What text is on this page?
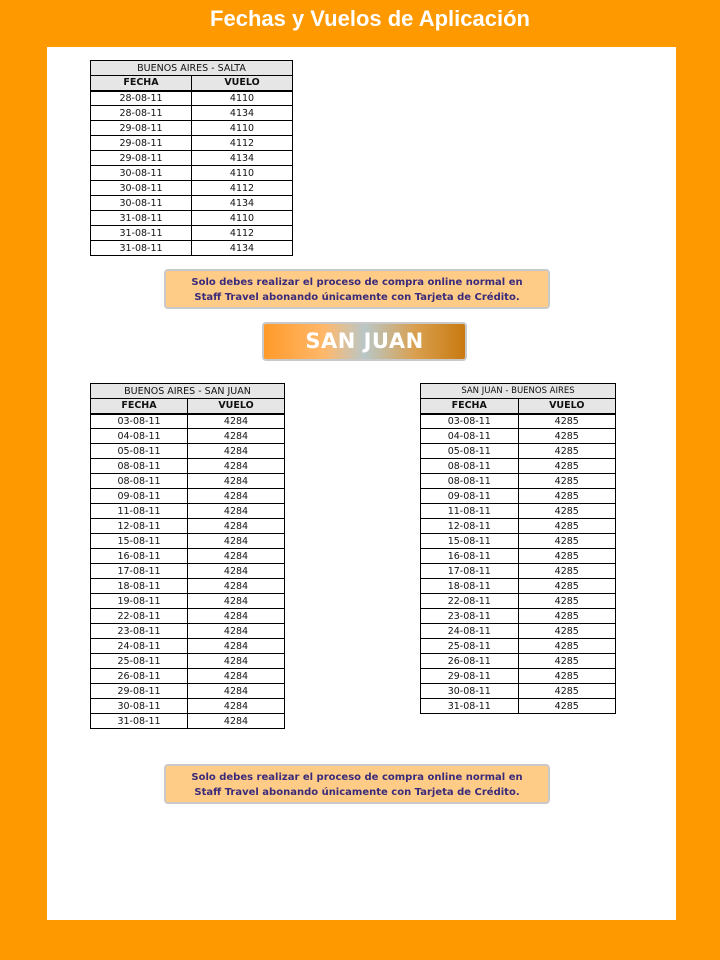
Fechas y Vuelos de Aplicación
BUENOS AIRES - SALTA	
FECHA	VUELO
28-08-11	4110
28-08-11	4134
29-08-11	4110
29-08-11	4112
29-08-11	4134
30-08-11	4110
30-08-11	4112
30-08-11	4134
31-08-11	4110
31-08-11	4112
31-08-11	4134
Solo debes realizar el proceso de compra online normal en
Staff Travel abonando únicamente con Tarjeta de Crédito.
SAN JUAN
BUENOS AIRES - SAN JUAN	
FECHA	VUELO
03-08-11	4284
04-08-11	4284
05-08-11	4284
08-08-11	4284
08-08-11	4284
09-08-11	4284
11-08-11	4284
12-08-11	4284
15-08-11	4284
16-08-11	4284
17-08-11	4284
18-08-11	4284
19-08-11	4284
22-08-11	4284
23-08-11	4284
24-08-11	4284
25-08-11	4284
26-08-11	4284
29-08-11	4284
30-08-11	4284
31-08-11	4284
SAN JUAN - BUENOS AIRES	
FECHA	VUELO
03-08-11	4285
04-08-11	4285
05-08-11	4285
08-08-11	4285
08-08-11	4285
09-08-11	4285
11-08-11	4285
12-08-11	4285
15-08-11	4285
16-08-11	4285
17-08-11	4285
18-08-11	4285
22-08-11	4285
23-08-11	4285
24-08-11	4285
25-08-11	4285
26-08-11	4285
29-08-11	4285
30-08-11	4285
31-08-11	4285
Solo debes realizar el proceso de compra online normal en
Staff Travel abonando únicamente con Tarjeta de Crédito.
